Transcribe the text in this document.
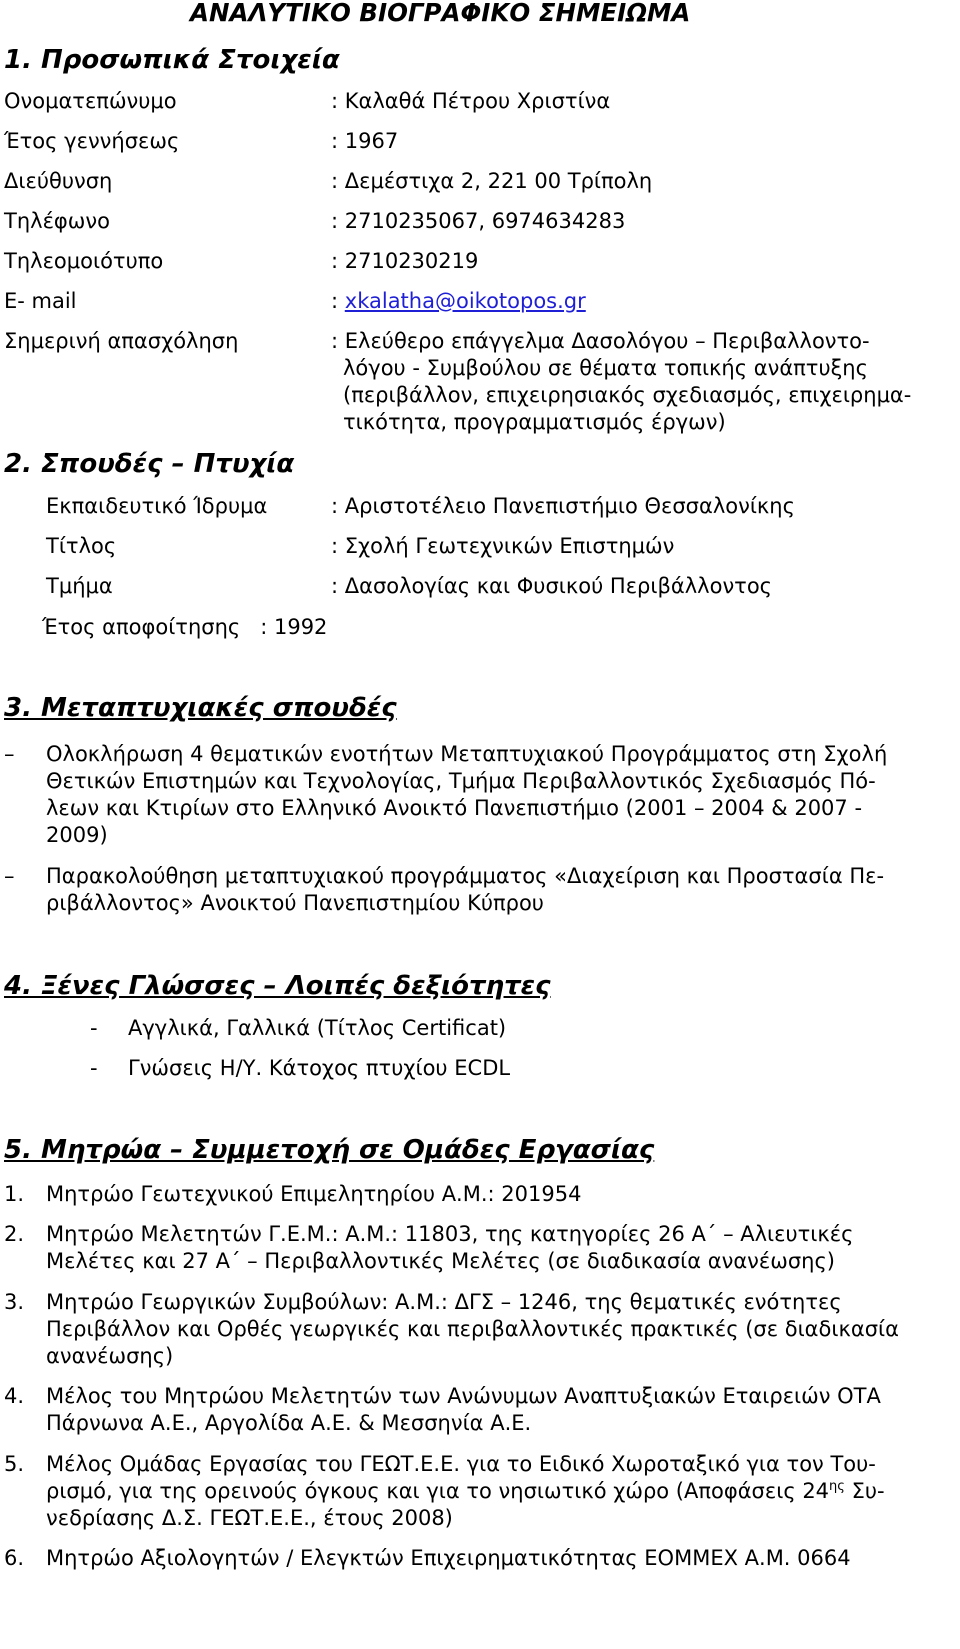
ΑΝΑΛΥΤΙΚΟ ΒΙΟΓΡΑΦΙΚΟ ΣΗΜΕΙΩΜΑ
1. Προσωπικά Στοιχεία
Ονοματεπώνυμο	: Καλαθά Πέτρου Χριστίνα
Έτος γεννήσεως	: 1967
Διεύθυνση	: Δεμέστιχα 2, 221 00 Τρίπολη
Τηλέφωνο	: 2710235067, 6974634283
Τηλεομοιότυπο	: 2710230219
E- mail	: xkalatha@oikotopos.gr
Σημερινή απασχόληση	: Ελεύθερο επάγγελμα Δασολόγου – Περιβαλλοντο-
λόγου - Συμβούλου σε θέματα τοπικής ανάπτυξης
(περιβάλλον, επιχειρησιακός σχεδιασμός, επιχειρημα-
τικότητα, προγραμματισμός έργων)
2. Σπουδές – Πτυχία
Εκπαιδευτικό Ίδρυμα	: Αριστοτέλειο Πανεπιστήμιο Θεσσαλονίκης
Τίτλος	: Σχολή Γεωτεχνικών Επιστημών
Τμήμα	: Δασολογίας και Φυσικού Περιβάλλοντος
Έτος αποφοίτησης   : 1992
3. Μεταπτυχιακές σπουδές
– Ολοκλήρωση 4 θεματικών ενοτήτων Μεταπτυχιακού Προγράμματος στη Σχολή
Θετικών Επιστημών και Τεχνολογίας, Τμήμα Περιβαλλοντικός Σχεδιασμός Πό-
λεων και Κτιρίων στο Ελληνικό Ανοικτό Πανεπιστήμιο (2001 – 2004 & 2007 -
2009)
– Παρακολούθηση μεταπτυχιακού προγράμματος «Διαχείριση και Προστασία Πε-
ριβάλλοντος» Ανοικτού Πανεπιστημίου Κύπρου
4. Ξένες Γλώσσες – Λοιπές δεξιότητες
- Αγγλικά, Γαλλικά (Τίτλος Certificat)
- Γνώσεις Η/Υ. Κάτοχος πτυχίου ECDL
5. Μητρώα – Συμμετοχή σε Ομάδες Εργασίας
1. Μητρώο Γεωτεχνικού Επιμελητηρίου Α.Μ.: 201954
2. Μητρώο Μελετητών Γ.Ε.Μ.: Α.Μ.: 11803, της κατηγορίες 26 Α΄ – Αλιευτικές
Μελέτες και 27 Α΄ – Περιβαλλοντικές Μελέτες (σε διαδικασία ανανέωσης)
3. Μητρώο Γεωργικών Συμβούλων: Α.Μ.: ΔΓΣ – 1246, της θεματικές ενότητες
Περιβάλλον και Ορθές γεωργικές και περιβαλλοντικές πρακτικές (σε διαδικασία
ανανέωσης)
4. Μέλος του Μητρώου Μελετητών των Ανώνυμων Αναπτυξιακών Εταιρειών ΟΤΑ
Πάρνωνα Α.Ε., Αργολίδα Α.Ε. & Μεσσηνία Α.Ε.
5. Μέλος Ομάδας Εργασίας του ΓΕΩΤ.Ε.Ε. για το Ειδικό Χωροταξικό για τον Του-
ρισμό, για της ορεινούς όγκους και για το νησιωτικό χώρο (Αποφάσεις $24^{\eta\varsigma}$ Συ-
νεδρίασης Δ.Σ. ΓΕΩΤ.Ε.Ε., έτους 2008)
6. Μητρώο Αξιολογητών / Ελεγκτών Επιχειρηματικότητας ΕΟΜΜΕΧ Α.Μ. 0664
